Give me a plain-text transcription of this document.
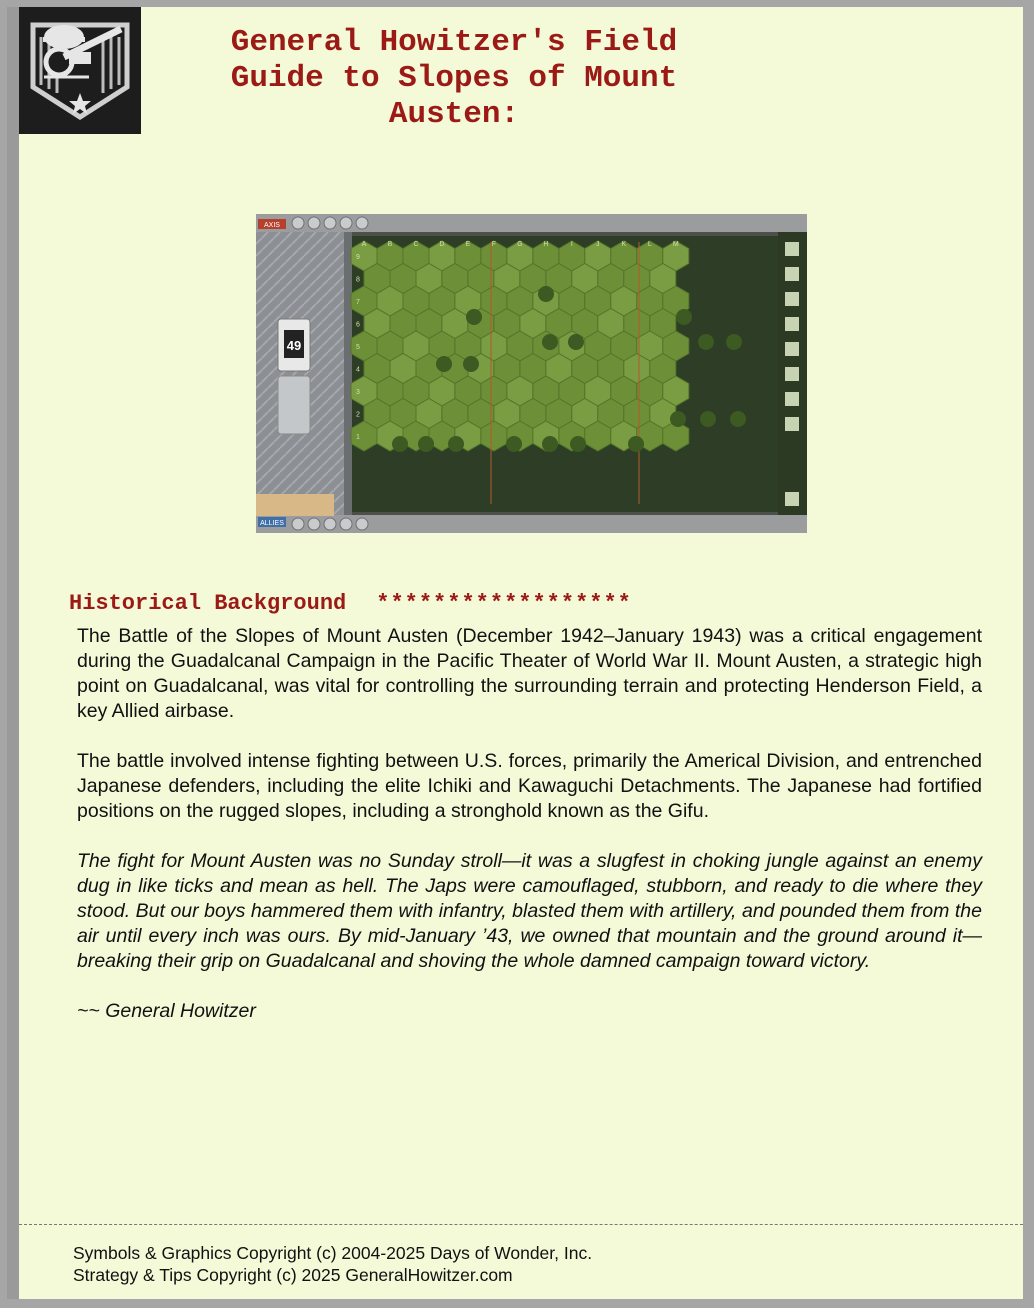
General Howitzer's Field
Guide to Slopes of Mount
Austen:
A	B	C	D	E	F	G	H	I	J	K	L	M
9
8
7
6
5
4
3
2
1
AXIS
ALLIES
49
Historical Background ******************

The Battle of the Slopes of Mount Austen (December 1942–January 1943) was a critical engagement during the Guadalcanal Campaign in the Pacific Theater of World War II. Mount Austen, a strategic high point on Guadalcanal, was vital for controlling the surrounding terrain and protecting Henderson Field, a key Allied airbase.

The battle involved intense fighting between U.S. forces, primarily the Americal Division, and entrenched Japanese defenders, including the elite Ichiki and Kawaguchi Detachments. The Japanese had fortified positions on the rugged slopes, including a stronghold known as the Gifu.

The fight for Mount Austen was no Sunday stroll—it was a slugfest in choking jungle against an enemy dug in like ticks and mean as hell. The Japs were camouflaged, stubborn, and ready to die where they stood. But our boys hammered them with infantry, blasted them with artillery, and pounded them from the air until every inch was ours. By mid-January ’43, we owned that mountain and the ground around it—breaking their grip on Guadalcanal and shoving the whole damned campaign toward victory.

~~ General Howitzer

Symbols & Graphics Copyright (c) 2004-2025 Days of Wonder, Inc.
Strategy & Tips Copyright (c) 2025 GeneralHowitzer.com
